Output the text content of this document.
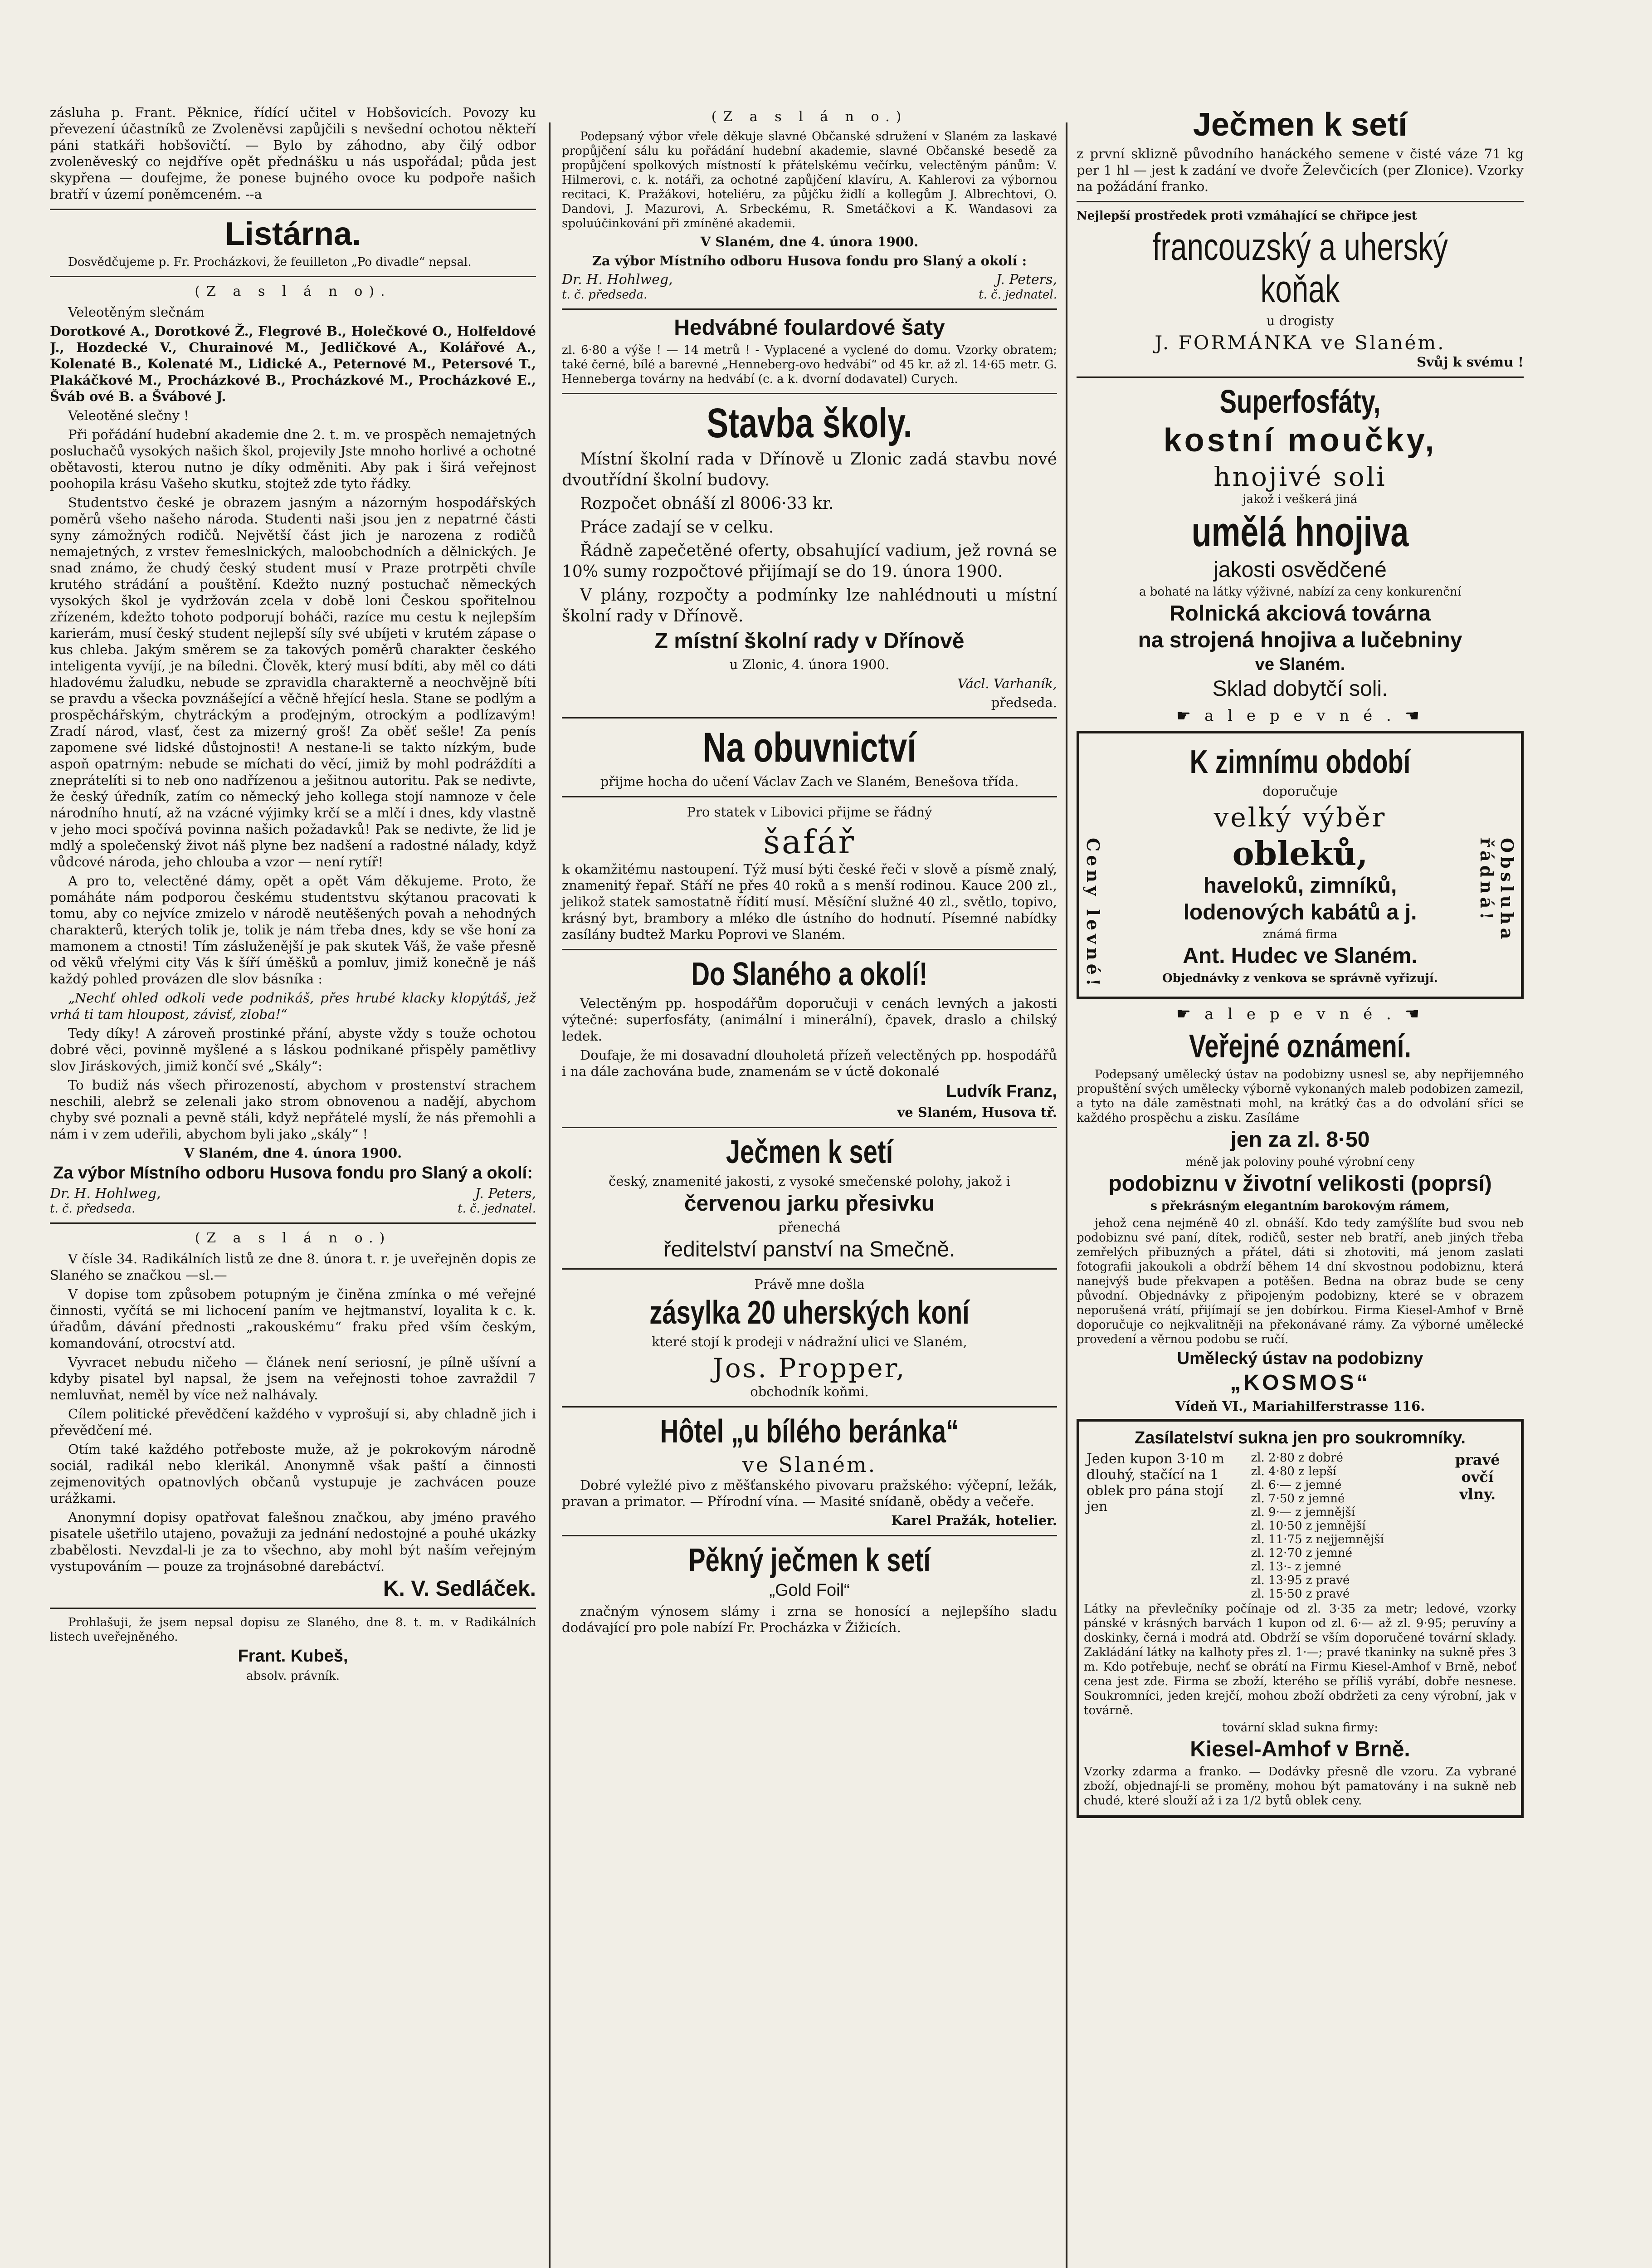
zásluha p. Frant. Pěknice, řídící učitel v Hobšovicích. Povozy ku převezení účastníků ze Zvoleněvsi zapůjčili s nevšední ochotou někteří páni statkáři hobšovičtí. — Bylo by záhodno, aby čilý odbor zvoleněveský co nejdříve opět přednášku u nás uspořádal; půda jest skypřena — doufejme, že ponese bujného ovoce ku podpoře našich bratří v území poněmceném. --a

Listárna.

Dosvědčujeme p. Fr. Procházkovi, že feuilleton „Po divadle“ nepsal.

(Z a s l á n o).

Veleotěným slečnám

Dorotkové A., Dorotkové Ž., Flegrové B., Holečkové O., Holfeldové J., Hozdecké V., Churainové M., Jedličkové A., Kolářové A., Kolenaté B., Kolenaté M., Lidické A., Peternové M., Petersové T., Plakáčkové M., Procházkové B., Procházkové M., Procházkové E., Šváb ové B. a Švábové J.

Veleotěné slečny !

Při pořádání hudební akademie dne 2. t. m. ve prospěch nemajetných posluchačů vysokých našich škol, projevily Jste mnoho horlivé a ochotné obětavosti, kterou nutno je díky odměniti. Aby pak i širá veřejnost poohopila krásu Vašeho skutku, stojtež zde tyto řádky.

Studentstvo české je obrazem jasným a názorným hospodářských poměrů všeho našeho národa. Studenti naši jsou jen z nepatrné části syny zámožných rodičů. Největší část jich je narozena z rodičů nemajetných, z vrstev řemeslnických, maloobchodních a dělnických. Je snad známo, že chudý český student musí v Praze protrpěti chvíle krutého strádání a pouštění. Kdežto nuzný postuchač německých vysokých škol je vydržován zcela v době loni Českou spořitelnou zřízeném, kdežto tohoto podporují boháči, razíce mu cestu k nejlepším karierám, musí český student nejlepší síly své ubíjeti v krutém zápase o kus chleba. Jakým směrem se za takových poměrů charakter českého inteligenta vyvíjí, je na bíledni. Člověk, který musí bdíti, aby měl co dáti hladovému žaludku, nebude se zpravidla charakterně a neochvějně bíti se pravdu a všecka povznášející a věčně hřející hesla. Stane se podlým a prospěchářským, chytráckým a proďejným, otrockým a podlízavým! Zradí národ, vlasť, čest za mizerný groš! Za oběť sešle! Za penís zapomene své lidské důstojnosti! A nestane-li se takto nízkým, bude aspoň opatrným: nebude se míchati do věcí, jimiž by mohl podráždíti a zneprátelíti si to neb ono nadřízenou a ješitnou autoritu. Pak se nedivte, že český úředník, zatím co německý jeho kollega stojí namnoze v čele národního hnutí, až na vzácné výjimky krčí se a mlčí i dnes, kdy vlastně v jeho moci spočívá povinna našich požadavků! Pak se nedivte, že lid je mdlý a společenský život náš plyne bez nadšení a radostné nálady, když vůdcové národa, jeho chlouba a vzor — není rytíř!

A pro to, velectěné dámy, opět a opět Vám děkujeme. Proto, že pomáháte nám podporou českému studentstvu skýtanou pracovati k tomu, aby co nejvíce zmizelo v národě neutěšených povah a nehodných charakterů, kterých tolik je, tolik je nám třeba dnes, kdy se vše honí za mamonem a ctnosti! Tím zásluženější je pak skutek Váš, že vaše přesně od věků vřelými city Vás k šíří úměšků a pomluv, jimiž konečně je náš každý pohled provázen dle slov básníka :

„Nechť ohled odkoli vede podnikáš, přes hrubé klacky klopýtáš, jež vrhá ti tam hloupost, závisť, zloba!“

Tedy díky! A zároveň prostinké přání, abyste vždy s touže ochotou dobré věci, povinně myšlené a s láskou podnikané přispěly pamětlivy slov Jiráskových, jimiž končí své „Skály“:

To budiž nás všech přirozeností, abychom v prostenství strachem neschili, alebrž se zelenali jako strom obnovenou a nadějí, abychom chyby své poznali a pevně stáli, když nepřátelé myslí, že nás přemohli a nám i v zem udeřili, abychom byli jako „skály“ !

V Slaném, dne 4. února 1900.

Za výbor Místního odboru Husova fondu pro Slaný a okolí:
Dr. H. Hohlweg,	J. Peters,
t. č. předseda.	t. č. jednatel.
(Z a s l á n o.)

V čísle 34. Radikálních listů ze dne 8. února t. r. je uveřejněn dopis ze Slaného se značkou —sl.—

V dopise tom způsobem potupným je činěna zmínka o mé veřejné činnosti, vyčítá se mi lichocení paním ve hejtmanství, loyalita k c. k. úřadům, dávání přednosti „rakouskému“ fraku před vším českým, komandování, otrocství atd.

Vyvracet nebudu ničeho — článek není seriosní, je pílně ušívní a kdyby pisatel byl napsal, že jsem na veřejnosti tohoe zavraždil 7 nemluvňat, neměl by více než nalhávaly.

Cílem politické převědčení každého v vyprošují si, aby chladně jich i převědčení mé.

Otím také každého potřeboste muže, až je pokrokovým národně sociál, radikál nebo klerikál. Anonymně však paští a činnosti zejmenovitých opatnovlých občanů vystupuje je zachvácen pouze urážkami.

Anonymní dopisy opatřovat falešnou značkou, aby jméno pravého pisatele ušetřilo utajeno, považuji za jednání nedostojné a pouhé ukázky zbabělosti. Nevzdal-li je za to všechno, aby mohl být naším veřejným vystupováním — pouze za trojnásobné darebáctví.

K. V. Sedláček.

Prohlašuji, že jsem nepsal dopisu ze Slaného, dne 8. t. m. v Radikálních listech uveřejněného.

Frant. Kubeš,
absolv. právník.
(Z a s l á n o.)

Podepsaný výbor vřele děkuje slavné Občanské sdružení v Slaném za laskavé propůjčení sálu ku pořádání hudební akademie, slavné Občanské besedě za propůjčení spolkových místností k přátelskému večírku, velectěným pánům: V. Hilmerovi, c. k. notáři, za ochotné zapůjčení klavíru, A. Kahlerovi za výbornou recitaci, K. Pražákovi, hoteliéru, za půjčku židlí a kollegům J. Albrechtovi, O. Dandovi, J. Mazurovi, A. Srbeckému, R. Smetáčkovi a K. Wandasovi za spoluúčinkování při zmíněné akademii.

V Slaném, dne 4. února 1900.

Za výbor Místního odboru Husova fondu pro Slaný a okolí :

Dr. H. Hohlweg,	J. Peters,
t. č. předseda.	t. č. jednatel.
Hedvábné foulardové šaty

zl. 6·80 a výše ! — 14 metrů ! - Vyplacené a vyclené do domu. Vzorky obratem; také černé, bílé a barevné „Henneberg-ovo hedvábí“ od 45 kr. až zl. 14·65 metr. G. Henneberga továrny na hedvábí (c. a k. dvorní dodavatel) Curych.

Stavba školy.

Místní školní rada v Dřínově u Zlonic zadá stavbu nové dvoutřídní školní budovy.

Rozpočet obnáší zl 8006·33 kr.

Práce zadají se v celku.

Řádně zapečetěné oferty, obsahující vadium, jež rovná se 10% sumy rozpočtové přijímají se do 19. února 1900.

V plány, rozpočty a podmínky lze nahlédnouti u místní školní rady v Dřínově.

Z místní školní rady v Dřínově

u Zlonic, 4. února 1900.

Václ. Varhaník,

předseda.

Na obuvnictví

přijme hocha do učení Václav Zach ve Slaném, Benešova třída.

Pro statek v Libovici přijme se řádný

šafář

k okamžitému nastoupení. Týž musí býti české řeči v slově a písmě znalý, znamenitý řepař. Stáří ne přes 40 roků a s menší rodinou. Kauce 200 zl., jelikož statek samostatně řídití musí. Měsíční služné 40 zl., světlo, topivo, krásný byt, brambory a mléko dle ústního do hodnutí. Písemné nabídky zasílány budtež Marku Poprovi ve Slaném.

Do Slaného a okolí!

Velectěným pp. hospodářům doporučuji v cenách levných a jakosti výtečné: superfosfáty, (animální i minerální), čpavek, draslo a chilský ledek.

Doufaje, že mi dosavadní dlouholetá přízeň velectěných pp. hospodářů i na dále zachována bude, znamenám se v úctě dokonalé

Ludvík Franz,

ve Slaném, Husova tř.

Ječmen k setí

český, znamenité jakosti, z vysoké smečenské polohy, jakož i

červenou jarku přesivku

přenechá

ředitelství panství na Smečně.

Právě mne došla

zásylka 20 uherských koní

které stojí k prodeji v nádražní ulici ve Slaném,

Jos. Propper,

obchodník koňmi.

Hôtel „u bílého beránka“
ve Slaném.

Dobré vyležlé pivo z měšťanského pivovaru pražského: výčepní, ležák, pravan a primator. — Přírodní vína. — Masité snídaně, obědy a večeře.

Karel Pražák, hotelier.

Pěkný ječmen k setí
„Gold Foil“

značným výnosem slámy i zrna se honosící a nejlepšího sladu dodávající pro pole nabízí Fr. Procházka v Žižicích.

Ječmen k setí

z první sklizně původního hanáckého semene v čisté váze 71 kg per 1 hl — jest k zadání ve dvoře Želevčicích (per Zlonice). Vzorky na požádání franko.

Nejlepší prostředek proti vzmáhající se chřipce jest

francouzský a uherský koňak

u drogisty

J. FORMÁNKA ve Slaném.

Svůj k svému !

Superfosfáty,
kostní moučky,
hnojivé soli

jakož i veškerá jiná

umělá hnojiva
jakosti osvědčené

a bohaté na látky výživné, nabízí za ceny konkurenční

Rolnická akciová továrna
na strojená hnojiva a lučebniny
ve Slaném.
Sklad dobytčí soli.
☛ a l e p e v n é . ☚
Ceny levné!	Obsluha řádná!
K zimnímu období

doporučuje

velký výběr
obleků,
haveloků, zimníků,
lodenových kabátů a j.

známá firma

Ant. Hudec ve Slaném.

Objednávky z venkova se správně vyřizují.

☛ a l e p e v n é . ☚
Veřejné oznámení.

Podepsaný umělecký ústav na podobizny usnesl se, aby nepřijemného propuštění svých umělecky výborně vykonaných maleb podobizen zamezil, a tyto na dále zaměstnati mohl, na krátký čas a do odvolání sříci se každého prospěchu a zisku. Zasíláme

jen za zl. 8·50

méně jak poloviny pouhé výrobní ceny

podobiznu v životní velikosti (poprsí)

s překrásným elegantním barokovým rámem,

jehož cena nejméně 40 zl. obnáší. Kdo tedy zamýšlíte bud svou neb podobiznu své paní, dítek, rodičů, sester neb bratří, aneb jiných třeba zemřelých přibuzných a přátel, dáti si zhotoviti, má jenom zaslati fotografii jakoukoli a obdrží během 14 dní skvostnou podobiznu, která nanejvýš bude překvapen a potěšen. Bedna na obraz bude se ceny původní. Objednávky z připojeným podobizny, které se v obrazem neporušená vrátí, přijímají se jen dobírkou. Firma Kiesel-Amhof v Brně doporučuje co nejkvalitněji na překonávané rámy. Za výborné umělecké provedení a věrnou podobu se ručí.

Umělecký ústav na podobizny
„KOSMOS“

Vídeň VI., Mariahilferstrasse 116.

Zasílatelství sukna jen pro soukromníky.
Jeden kupon 3·10 m dlouhý, stačící na 1 oblek pro pána stojí jen	
zl. 2·80 z dobré
zl. 4·80 z lepší
zl. 6·— z jemné
zl. 7·50 z jemné
zl. 9·— z jemnější
zl. 10·50 z jemnější
zl. 11·75 z nejjemnější
zl. 12·70 z jemné
zl. 13·- z jemné
zl. 13·95 z pravé
zl. 15·50 z pravé
	pravé ovčí vlny.

Látky na převlečníky počínaje od zl. 3·35 za metr; ledové, vzorky pánské v krásných barvách 1 kupon od zl. 6·— až zl. 9·95; peruvíny a doskinky, černá i modrá atd. Obdrží se vším doporučené tovární sklady. Zakládání látky na kalhoty přes zl. 1·—; pravé tkaninky na sukně přes 3 m. Kdo potřebuje, nechť se obrátí na Firmu Kiesel-Amhof v Brně, neboť cena jest zde. Firma se zboží, kterého se příliš vyrábí, dobře nesnese. Soukromníci, jeden krejčí, mohou zboží obdržeti za ceny výrobní, jak v továrně.

tovární sklad sukna firmy:

Kiesel-Amhof v Brně.

Vzorky zdarma a franko. — Dodávky přesně dle vzoru. Za vybrané zboží, objednají-li se proměny, mohou být pamatovány i na sukně neb chudé, které slouží až i za 1/2 bytů oblek ceny.
